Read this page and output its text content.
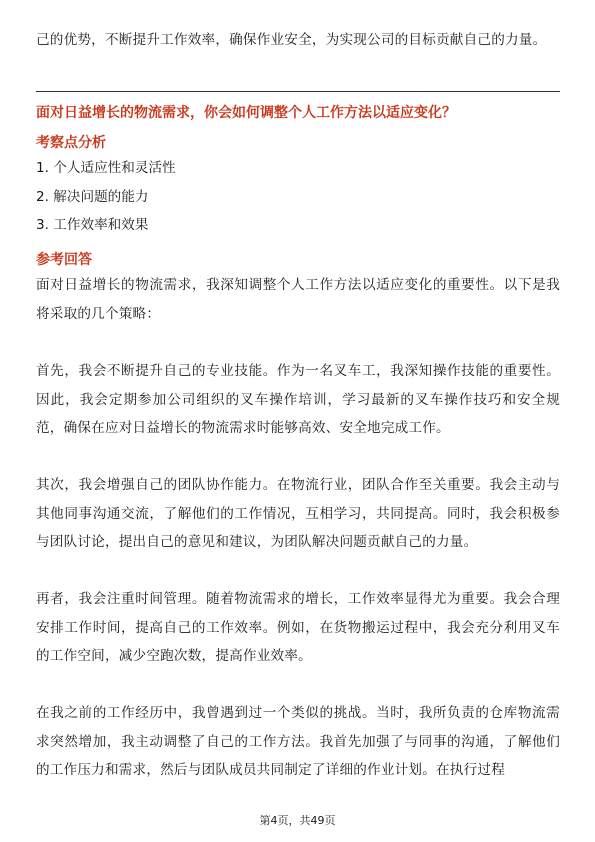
己的优势，不断提升工作效率，确保作业安全，为实现公司的目标贡献自己的力量。

面对日益增长的物流需求，你会如何调整个人工作方法以适应变化？

考察点分析

1. 个人适应性和灵活性
2. 解决问题的能力
3. 工作效率和效果

参考回答

面对日益增长的物流需求，我深知调整个人工作方法以适应变化的重要性。以下是我将采取的几个策略：

首先，我会不断提升自己的专业技能。作为一名叉车工，我深知操作技能的重要性。因此，我会定期参加公司组织的叉车操作培训，学习最新的叉车操作技巧和安全规范，确保在应对日益增长的物流需求时能够高效、安全地完成工作。

其次，我会增强自己的团队协作能力。在物流行业，团队合作至关重要。我会主动与其他同事沟通交流，了解他们的工作情况，互相学习，共同提高。同时，我会积极参与团队讨论，提出自己的意见和建议，为团队解决问题贡献自己的力量。

再者，我会注重时间管理。随着物流需求的增长，工作效率显得尤为重要。我会合理安排工作时间，提高自己的工作效率。例如，在货物搬运过程中，我会充分利用叉车的工作空间，减少空跑次数，提高作业效率。

在我之前的工作经历中，我曾遇到过一个类似的挑战。当时，我所负责的仓库物流需求突然增加，我主动调整了自己的工作方法。我首先加强了与同事的沟通，了解他们的工作压力和需求，然后与团队成员共同制定了详细的作业计划。在执行过程

第4页，共49页
